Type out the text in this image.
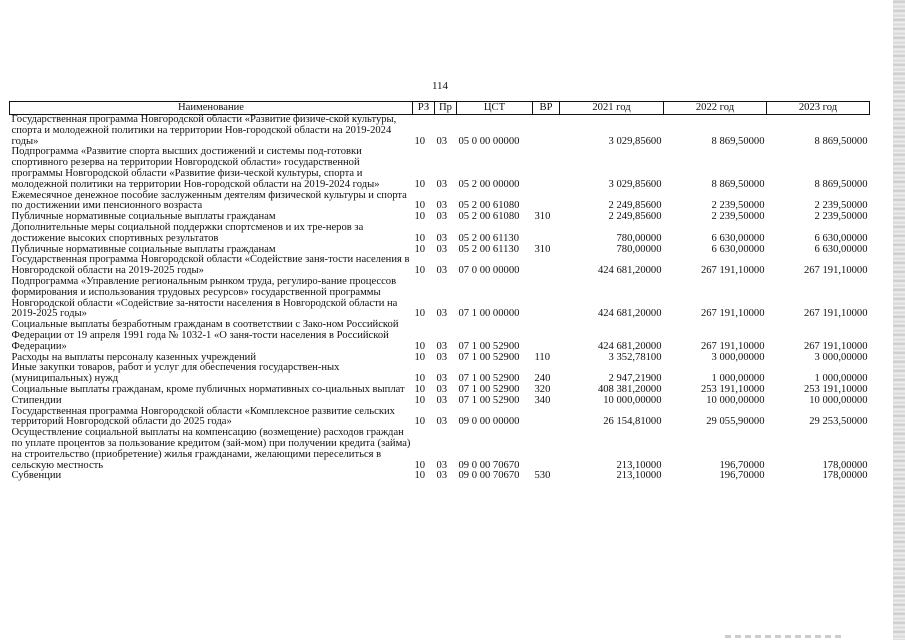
114
Наименование	РЗ	Пр	ЦСТ	ВР	2021 год	2022 год	2023 год
Государственная программа Новгородской области «Развитие физиче-ской культуры, спорта и молодежной политики на территории Нов-городской области на 2019-2024 годы»	10	03	05 0 00 00000		3 029,85600	8 869,50000	8 869,50000
Подпрограмма «Развитие спорта высших достижений и системы под-готовки спортивного резерва на территории Новгородской области» государственной программы Новгородской области «Развитие физи-ческой культуры, спорта и молодежной политики на территории Нов-городской области на 2019-2024 годы»	10	03	05 2 00 00000		3 029,85600	8 869,50000	8 869,50000
Ежемесячное денежное пособие заслуженным деятелям физической культуры и спорта по достижении ими пенсионного возраста	10	03	05 2 00 61080		2 249,85600	2 239,50000	2 239,50000
Публичные нормативные социальные выплаты гражданам	10	03	05 2 00 61080	310	2 249,85600	2 239,50000	2 239,50000
Дополнительные меры социальной поддержки спортсменов и их тре-неров за достижение высоких спортивных результатов	10	03	05 2 00 61130		780,00000	6 630,00000	6 630,00000
Публичные нормативные социальные выплаты гражданам	10	03	05 2 00 61130	310	780,00000	6 630,00000	6 630,00000
Государственная программа Новгородской области «Содействие заня-тости населения в Новгородской области на 2019-2025 годы»	10	03	07 0 00 00000		424 681,20000	267 191,10000	267 191,10000
Подпрограмма «Управление региональным рынком труда, регулиро-вание процессов формирования и использования трудовых ресурсов» государственной программы Новгородской области «Содействие за-нятости населения в Новгородской области на 2019-2025 годы»	10	03	07 1 00 00000		424 681,20000	267 191,10000	267 191,10000
Социальные выплаты безработным гражданам в соответствии с Зако-ном Российской Федерации от 19 апреля 1991 года № 1032-1 «О заня-тости населения в Российской Федерации»	10	03	07 1 00 52900		424 681,20000	267 191,10000	267 191,10000
Расходы на выплаты персоналу казенных учреждений	10	03	07 1 00 52900	110	3 352,78100	3 000,00000	3 000,00000
Иные закупки товаров, работ и услуг для обеспечения государствен-ных (муниципальных) нужд	10	03	07 1 00 52900	240	2 947,21900	1 000,00000	1 000,00000
Социальные выплаты гражданам, кроме публичных нормативных со-циальных выплат	10	03	07 1 00 52900	320	408 381,20000	253 191,10000	253 191,10000
Стипендии	10	03	07 1 00 52900	340	10 000,00000	10 000,00000	10 000,00000
Государственная программа Новгородской области «Комплексное развитие сельских территорий Новгородской области до 2025 года»	10	03	09 0 00 00000		26 154,81000	29 055,90000	29 253,50000
Осуществление социальной выплаты на компенсацию (возмещение) расходов граждан по уплате процентов за пользование кредитом (зай-мом) при получении кредита (займа) на строительство (приобретение) жилья гражданами, желающими переселиться в сельскую местность	10	03	09 0 00 70670		213,10000	196,70000	178,00000
Субвенции	10	03	09 0 00 70670	530	213,10000	196,70000	178,00000
